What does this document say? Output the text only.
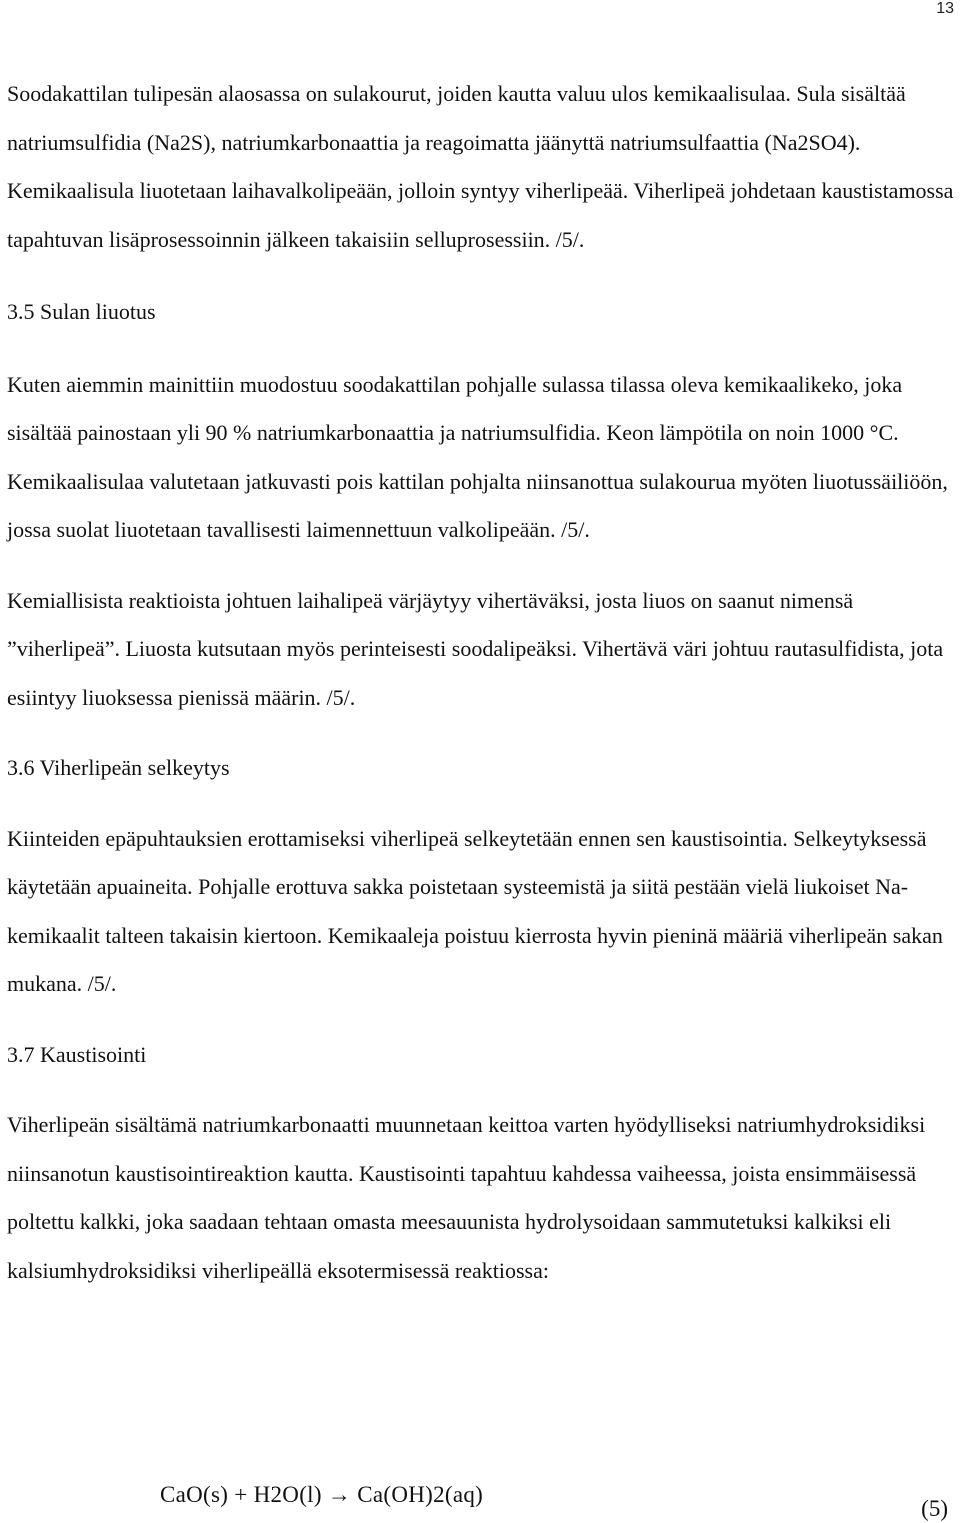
13

Soodakattilan tulipesän alaosassa on sulakourut, joiden kautta valuu ulos kemikaalisulaa. Sula sisältää natriumsulfidia (Na2S), natriumkarbonaattia ja reagoimatta jäänyttä natriumsulfaattia (Na2SO4). Kemikaalisula liuotetaan laihavalkolipeään, jolloin syntyy viherlipeää. Viherlipeä johdetaan kaustistamossa tapahtuvan lisäprosessoinnin jälkeen takaisiin selluprosessiin. /5/.

3.5 Sulan liuotus

Kuten aiemmin mainittiin muodostuu soodakattilan pohjalle sulassa tilassa oleva kemikaalikeko, joka sisältää painostaan yli 90 % natriumkarbonaattia ja natriumsulfidia. Keon lämpötila on noin 1000 °C. Kemikaalisulaa valutetaan jatkuvasti pois kattilan pohjalta niinsanottua sulakourua myöten liuotussäiliöön, jossa suolat liuotetaan tavallisesti laimennettuun valkolipeään. /5/.

Kemiallisista reaktioista johtuen laihalipeä värjäytyy vihertäväksi, josta liuos on saanut nimensä ”viherlipeä”. Liuosta kutsutaan myös perinteisesti soodalipeäksi. Vihertävä väri johtuu rautasulfidista, jota esiintyy liuoksessa pienissä määrin. /5/.

3.6 Viherlipeän selkeytys

Kiinteiden epäpuhtauksien erottamiseksi viherlipeä selkeytetään ennen sen kaustisointia. Selkeytyksessä käytetään apuaineita. Pohjalle erottuva sakka poistetaan systeemistä ja siitä pestään vielä liukoiset Na-kemikaalit talteen takaisin kiertoon. Kemikaaleja poistuu kierrosta hyvin pieninä määriä viherlipeän sakan mukana. /5/.

3.7 Kaustisointi

Viherlipeän sisältämä natriumkarbonaatti muunnetaan keittoa varten hyödylliseksi natriumhydroksidiksi niinsanotun kaustisointireaktion kautta. Kaustisointi tapahtuu kahdessa vaiheessa, joista ensimmäisessä poltettu kalkki, joka saadaan tehtaan omasta meesauunista hydrolysoidaan sammutetuksi kalkiksi eli kalsiumhydroksidiksi viherlipeällä eksotermisessä reaktiossa:

CaO(s) + H2O(l) → Ca(OH)2(aq)
(5)
